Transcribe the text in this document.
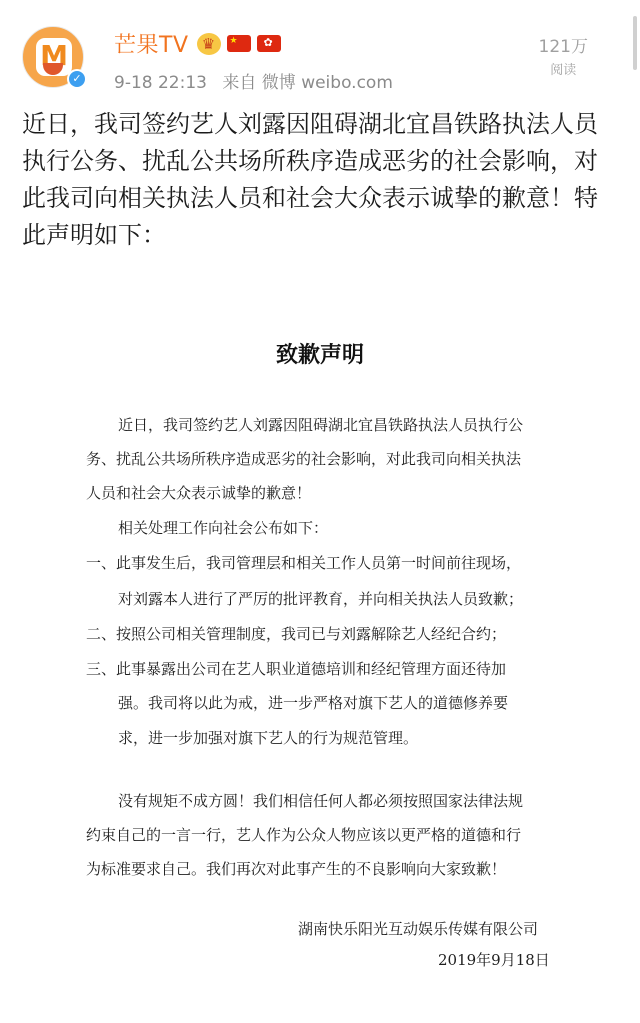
M
✓
芒果TV ♛	★ ✿
9-18 22:13 来自 微博 weibo.com
121万
阅读
近日，我司签约艺人刘露因阻碍湖北宜昌铁路执法人员执行公务、扰乱公共场所秩序造成恶劣的社会影响，对此我司向相关执法人员和社会大众表示诚挚的歉意！特此声明如下：
致歉声明

近日，我司签约艺人刘露因阻碍湖北宜昌铁路执法人员执行公

务、扰乱公共场所秩序造成恶劣的社会影响，对此我司向相关执法

人员和社会大众表示诚挚的歉意！

相关处理工作向社会公布如下：

一、此事发生后，我司管理层和相关工作人员第一时间前往现场，

对刘露本人进行了严厉的批评教育，并向相关执法人员致歉；

二、按照公司相关管理制度，我司已与刘露解除艺人经纪合约；

三、此事暴露出公司在艺人职业道德培训和经纪管理方面还待加

强。我司将以此为戒，进一步严格对旗下艺人的道德修养要

求，进一步加强对旗下艺人的行为规范管理。

没有规矩不成方圆！我们相信任何人都必须按照国家法律法规

约束自己的一言一行，艺人作为公众人物应该以更严格的道德和行

为标准要求自己。我们再次对此事产生的不良影响向大家致歉！

湖南快乐阳光互动娱乐传媒有限公司

2019年9月18日
